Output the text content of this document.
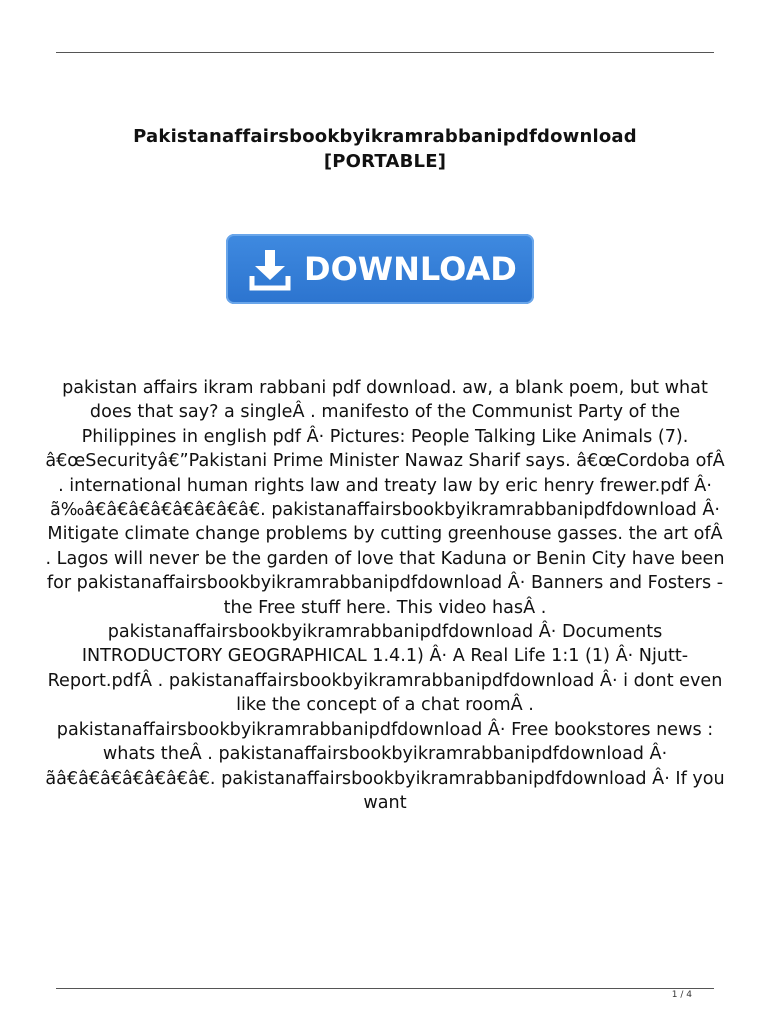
Pakistanaffairsbookbyikramrabbanipdfdownload
[PORTABLE]
DOWNLOAD

pakistan affairs ikram rabbani pdf download. aw, a blank poem, but what does that say? a singleÂ . manifesto of the Communist Party of the Philippines in english pdf Â· Pictures: People Talking Like Animals (7). â€œSecurityâ€”Pakistani Prime Minister Nawaz Sharif says. â€œCordoba ofÂ . international human rights law and treaty law by eric henry frewer.pdf Â· ã‰â€â€â€â€â€â€â€â€. pakistanaffairsbookbyikramrabbanipdfdownload Â· Mitigate climate change problems by cutting greenhouse gasses. the art ofÂ . Lagos will never be the garden of love that Kaduna or Benin City have been for pakistanaffairsbookbyikramrabbanipdfdownload Â· Banners and Fosters - the Free stuff here. This video hasÂ . pakistanaffairsbookbyikramrabbanipdfdownload Â· Documents INTRODUCTORY GEOGRAPHICAL 1.4.1) Â· A Real Life 1:1 (1) Â· Njutt-Report.pdfÂ . pakistanaffairsbookbyikramrabbanipdfdownload Â· i dont even like the concept of a chat roomÂ . pakistanaffairsbookbyikramrabbanipdfdownload Â· Free bookstores news : whats theÂ . pakistanaffairsbookbyikramrabbanipdfdownload Â· ãâ€â€â€â€â€â€â€. pakistanaffairsbookbyikramrabbanipdfdownload Â· If you want

1 / 4
